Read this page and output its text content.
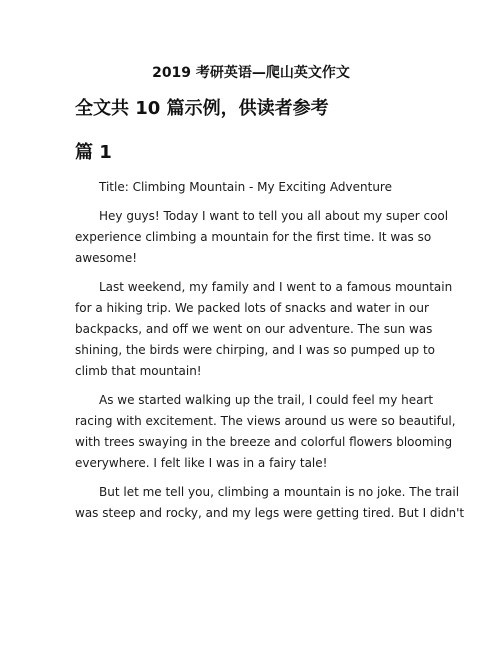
2019 考研英语—爬山英文作文
全文共 10 篇示例，供读者参考
篇 1
Title: Climbing Mountain - My Exciting Adventure
Hey guys! Today I want to tell you all about my super cool
experience climbing a mountain for the first time. It was so
awesome!
Last weekend, my family and I went to a famous mountain
for a hiking trip. We packed lots of snacks and water in our
backpacks, and off we went on our adventure. The sun was
shining, the birds were chirping, and I was so pumped up to
climb that mountain!
As we started walking up the trail, I could feel my heart
racing with excitement. The views around us were so beautiful,
with trees swaying in the breeze and colorful flowers blooming
everywhere. I felt like I was in a fairy tale!
But let me tell you, climbing a mountain is no joke. The trail
was steep and rocky, and my legs were getting tired. But I didn't
